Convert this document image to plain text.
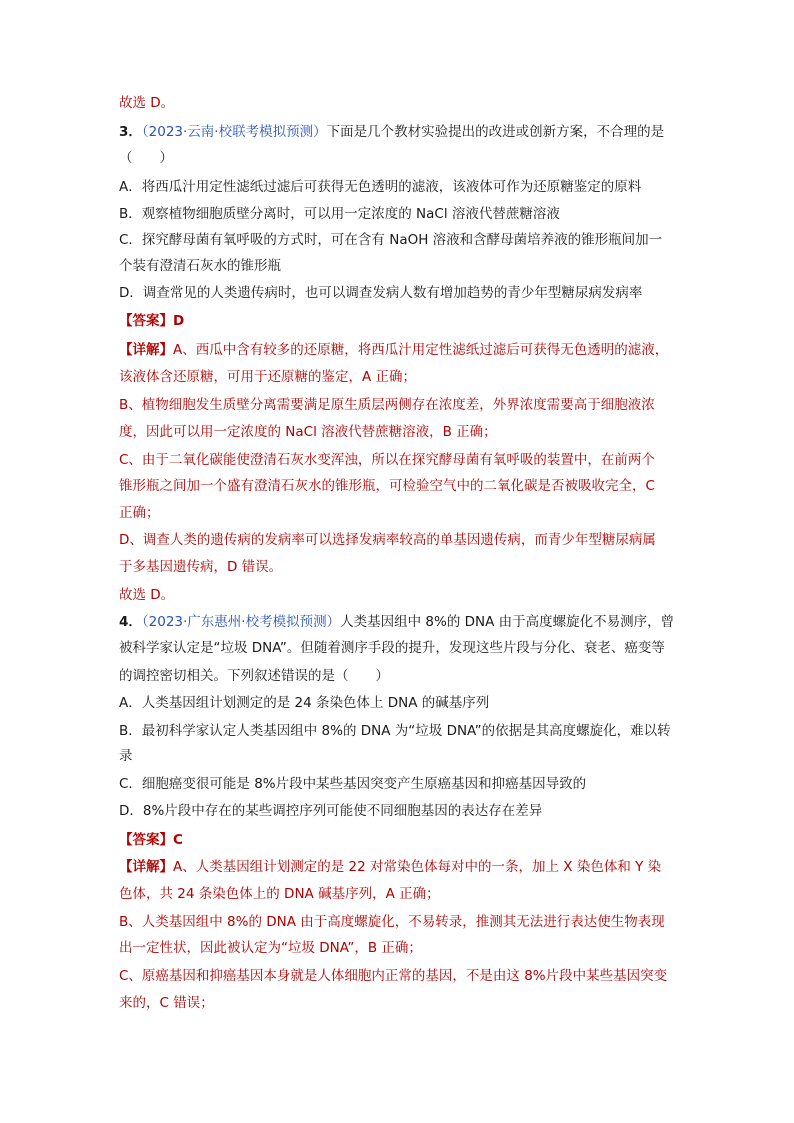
故选 D。
3．（2023·云南·校联考模拟预测）下面是几个教材实验提出的改进或创新方案，不合理的是
（　　）
A．将西瓜汁用定性滤纸过滤后可获得无色透明的滤液，该液体可作为还原糖鉴定的原料
B．观察植物细胞质壁分离时，可以用一定浓度的 NaCl 溶液代替蔗糖溶液
C．探究酵母菌有氧呼吸的方式时，可在含有 NaOH 溶液和含酵母菌培养液的锥形瓶间加一
个装有澄清石灰水的锥形瓶
D．调查常见的人类遗传病时，也可以调查发病人数有增加趋势的青少年型糖尿病发病率
【答案】D
【详解】A、西瓜中含有较多的还原糖，将西瓜汁用定性滤纸过滤后可获得无色透明的滤液，
该液体含还原糖，可用于还原糖的鉴定，A 正确；
B、植物细胞发生质壁分离需要满足原生质层两侧存在浓度差，外界浓度需要高于细胞液浓
度，因此可以用一定浓度的 NaCl 溶液代替蔗糖溶液，B 正确；
C、由于二氧化碳能使澄清石灰水变浑浊，所以在探究酵母菌有氧呼吸的装置中，在前两个
锥形瓶之间加一个盛有澄清石灰水的锥形瓶，可检验空气中的二氧化碳是否被吸收完全，C
正确；
D、调查人类的遗传病的发病率可以选择发病率较高的单基因遗传病，而青少年型糖尿病属
于多基因遗传病，D 错误。
故选 D。
4．（2023·广东惠州·校考模拟预测）人类基因组中 8%的 DNA 由于高度螺旋化不易测序，曾
被科学家认定是“垃圾 DNA”。但随着测序手段的提升，发现这些片段与分化、衰老、癌变等
的调控密切相关。下列叙述错误的是（　　）
A．人类基因组计划测定的是 24 条染色体上 DNA 的碱基序列
B．最初科学家认定人类基因组中 8%的 DNA 为“垃圾 DNA”的依据是其高度螺旋化，难以转
录
C．细胞癌变很可能是 8%片段中某些基因突变产生原癌基因和抑癌基因导致的
D．8%片段中存在的某些调控序列可能使不同细胞基因的表达存在差异
【答案】C
【详解】A、人类基因组计划测定的是 22 对常染色体每对中的一条，加上 X 染色体和 Y 染
色体，共 24 条染色体上的 DNA 碱基序列，A 正确；
B、人类基因组中 8%的 DNA 由于高度螺旋化，不易转录，推测其无法进行表达使生物表现
出一定性状，因此被认定为“垃圾 DNA”，B 正确；
C、原癌基因和抑癌基因本身就是人体细胞内正常的基因，不是由这 8%片段中某些基因突变
来的，C 错误；
